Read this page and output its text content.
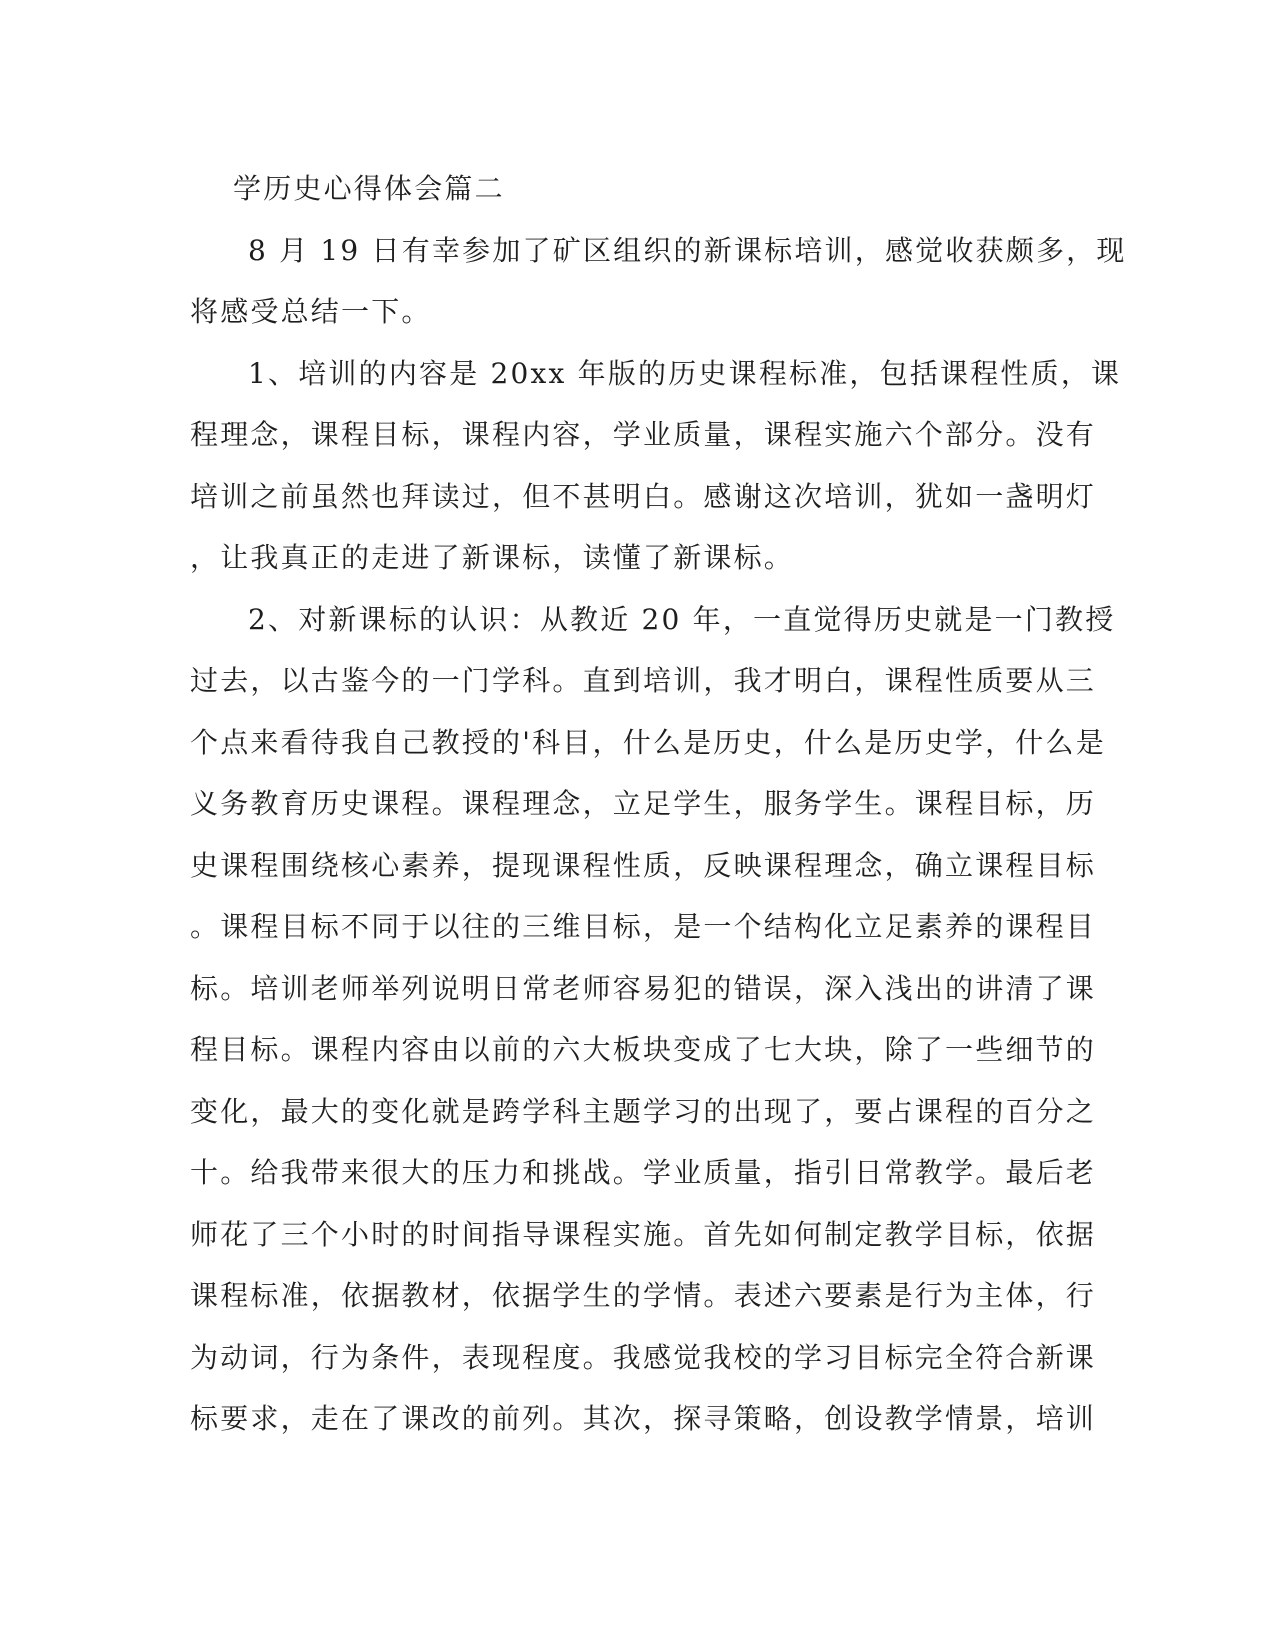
学历史心得体会篇二
8 月 19 日有幸参加了矿区组织的新课标培训，感觉收获颇多，现
将感受总结一下。
1、培训的内容是 20xx 年版的历史课程标准，包括课程性质，课
程理念，课程目标，课程内容，学业质量，课程实施六个部分。没有
培训之前虽然也拜读过，但不甚明白。感谢这次培训，犹如一盏明灯
，让我真正的走进了新课标，读懂了新课标。
2、对新课标的认识：从教近 20 年，一直觉得历史就是一门教授
过去，以古鉴今的一门学科。直到培训，我才明白，课程性质要从三
个点来看待我自己教授的'科目，什么是历史，什么是历史学，什么是
义务教育历史课程。课程理念，立足学生，服务学生。课程目标，历
史课程围绕核心素养，提现课程性质，反映课程理念，确立课程目标
。课程目标不同于以往的三维目标，是一个结构化立足素养的课程目
标。培训老师举列说明日常老师容易犯的错误，深入浅出的讲清了课
程目标。课程内容由以前的六大板块变成了七大块，除了一些细节的
变化，最大的变化就是跨学科主题学习的出现了，要占课程的百分之
十。给我带来很大的压力和挑战。学业质量，指引日常教学。最后老
师花了三个小时的时间指导课程实施。首先如何制定教学目标，依据
课程标准，依据教材，依据学生的学情。表述六要素是行为主体，行
为动词，行为条件，表现程度。我感觉我校的学习目标完全符合新课
标要求，走在了课改的前列。其次，探寻策略，创设教学情景，培训
